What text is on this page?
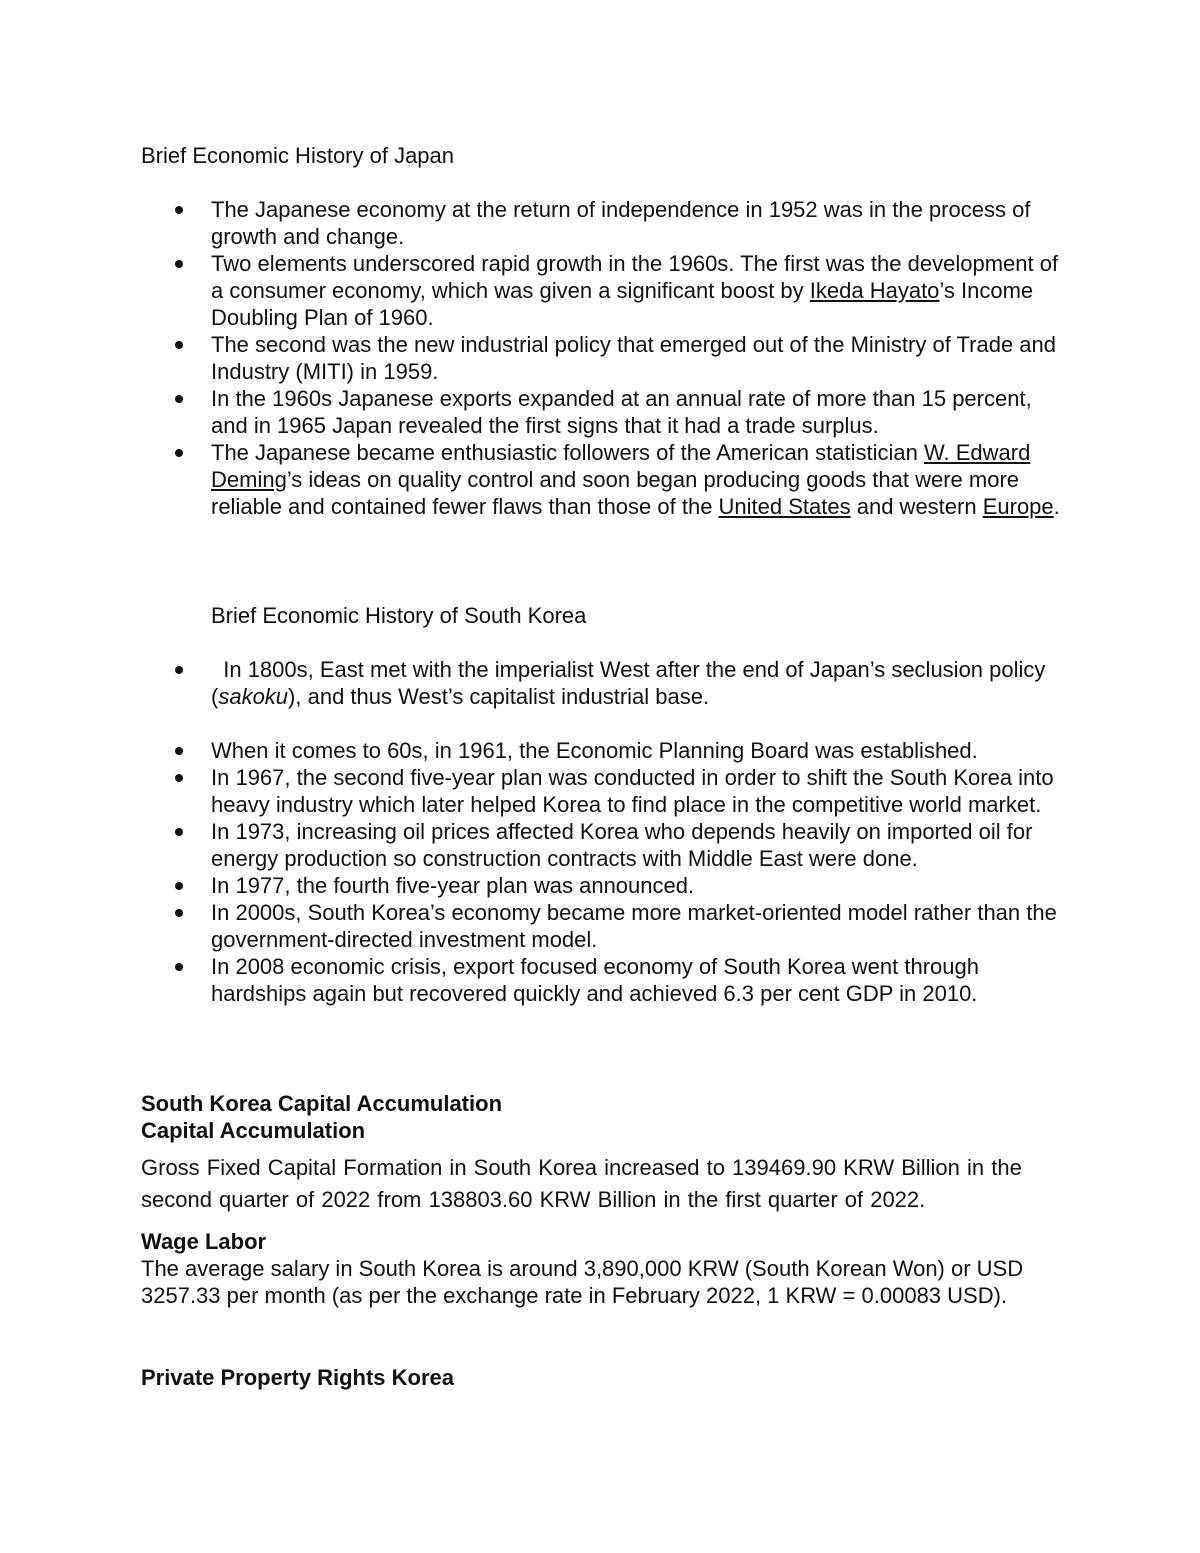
Brief Economic History of Japan
The Japanese economy at the return of independence in 1952 was in the process of growth and change.
Two elements underscored rapid growth in the 1960s. The first was the development of a consumer economy, which was given a significant boost by Ikeda Hayato’s Income Doubling Plan of 1960.
The second was the new industrial policy that emerged out of the Ministry of Trade and Industry (MITI) in 1959.
In the 1960s Japanese exports expanded at an annual rate of more than 15 percent, and in 1965 Japan revealed the first signs that it had a trade surplus.
The Japanese became enthusiastic followers of the American statistician W. Edward Deming’s ideas on quality control and soon began producing goods that were more reliable and contained fewer flaws than those of the United States and western Europe.
Brief Economic History of South Korea
In 1800s, East met with the imperialist West after the end of Japan’s seclusion policy (sakoku), and thus West’s capitalist industrial base.
When it comes to 60s, in 1961, the Economic Planning Board was established.
In 1967, the second five-year plan was conducted in order to shift the South Korea into heavy industry which later helped Korea to find place in the competitive world market.
In 1973, increasing oil prices affected Korea who depends heavily on imported oil for energy production so construction contracts with Middle East were done.
In 1977, the fourth five-year plan was announced.
In 2000s, South Korea’s economy became more market-oriented model rather than the government-directed investment model.
In 2008 economic crisis, export focused economy of South Korea went through hardships again but recovered quickly and achieved 6.3 per cent GDP in 2010.
South Korea Capital Accumulation
Capital Accumulation

Gross Fixed Capital Formation in South Korea increased to 139469.90 KRW Billion in the second quarter of 2022 from 138803.60 KRW Billion in the first quarter of 2022.

Wage Labor

The average salary in South Korea is around 3,890,000 KRW (South Korean Won) or USD 3257.33 per month (as per the exchange rate in February 2022, 1 KRW = 0.00083 USD).

Private Property Rights Korea
